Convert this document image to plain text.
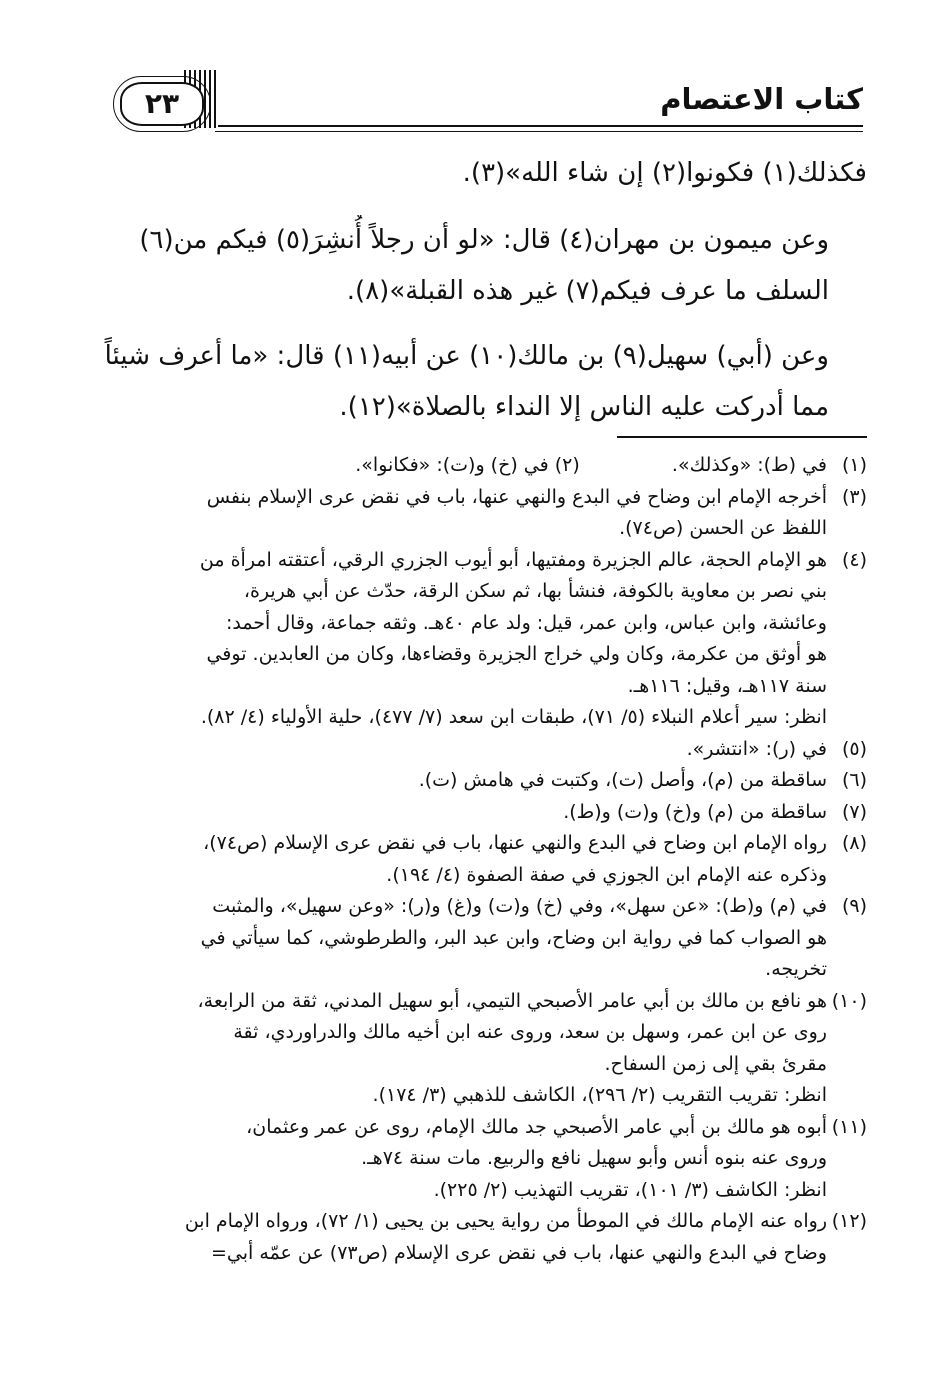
كتاب الاعتصام
٢٣

فكذلك(١) فكونوا(٢) إن شاء الله»(٣).

وعن ميمون بن مهران(٤) قال: «لو أن رجلاً أُنشِرَ(٥) فيكم من(٦)
السلف ما عرف فيكم(٧) غير هذه القبلة»(٨).

وعن (أبي) سهيل(٩) بن مالك(١٠) عن أبيه(١١) قال: «ما أعرف شيئاً
مما أدركت عليه الناس إلا النداء بالصلاة»(١٢).

(١)
في (ط): «وكذلك».  (٢) في (خ) و(ت): «فكانوا».
(٣)
أخرجه الإمام ابن وضاح في البدع والنهي عنها، باب في نقض عرى الإسلام بنفس
اللفظ عن الحسن (ص٧٤).
(٤)
هو الإمام الحجة، عالم الجزيرة ومفتيها، أبو أيوب الجزري الرقي، أعتقته امرأة من
بني نصر بن معاوية بالكوفة، فنشأ بها، ثم سكن الرقة، حدّث عن أبي هريرة،
وعائشة، وابن عباس، وابن عمر، قيل: ولد عام ٤٠هـ. وثقه جماعة، وقال أحمد:
هو أوثق من عكرمة، وكان ولي خراج الجزيرة وقضاءها، وكان من العابدين. توفي
سنة ١١٧هـ، وقيل: ١١٦هـ.
انظر: سير أعلام النبلاء (٥/ ٧١)، طبقات ابن سعد (٧/ ٤٧٧)، حلية الأولياء (٤/ ٨٢).
(٥)
في (ر): «انتشر».
(٦)
ساقطة من (م)، وأصل (ت)، وكتبت في هامش (ت).
(٧)
ساقطة من (م) و(خ) و(ت) و(ط).
(٨)
رواه الإمام ابن وضاح في البدع والنهي عنها، باب في نقض عرى الإسلام (ص٧٤)،
وذكره عنه الإمام ابن الجوزي في صفة الصفوة (٤/ ١٩٤).
(٩)
في (م) و(ط): «عن سهل»، وفي (خ) و(ت) و(غ) و(ر): «وعن سهيل»، والمثبت
هو الصواب كما في رواية ابن وضاح، وابن عبد البر، والطرطوشي، كما سيأتي في
تخريجه.
(١٠)
هو نافع بن مالك بن أبي عامر الأصبحي التيمي، أبو سهيل المدني، ثقة من الرابعة،
روى عن ابن عمر، وسهل بن سعد، وروى عنه ابن أخيه مالك والدراوردي، ثقة
مقرئ بقي إلى زمن السفاح.
انظر: تقريب التقريب (٢/ ٢٩٦)، الكاشف للذهبي (٣/ ١٧٤).
(١١)
أبوه هو مالك بن أبي عامر الأصبحي جد مالك الإمام، روى عن عمر وعثمان،
وروى عنه بنوه أنس وأبو سهيل نافع والربيع. مات سنة ٧٤هـ.
انظر: الكاشف (٣/ ١٠١)، تقريب التهذيب (٢/ ٢٢٥).
(١٢)
رواه عنه الإمام مالك في الموطأ من رواية يحيى بن يحيى (١/ ٧٢)، ورواه الإمام ابن
وضاح في البدع والنهي عنها، باب في نقض عرى الإسلام (ص٧٣) عن عمّه أبي=
